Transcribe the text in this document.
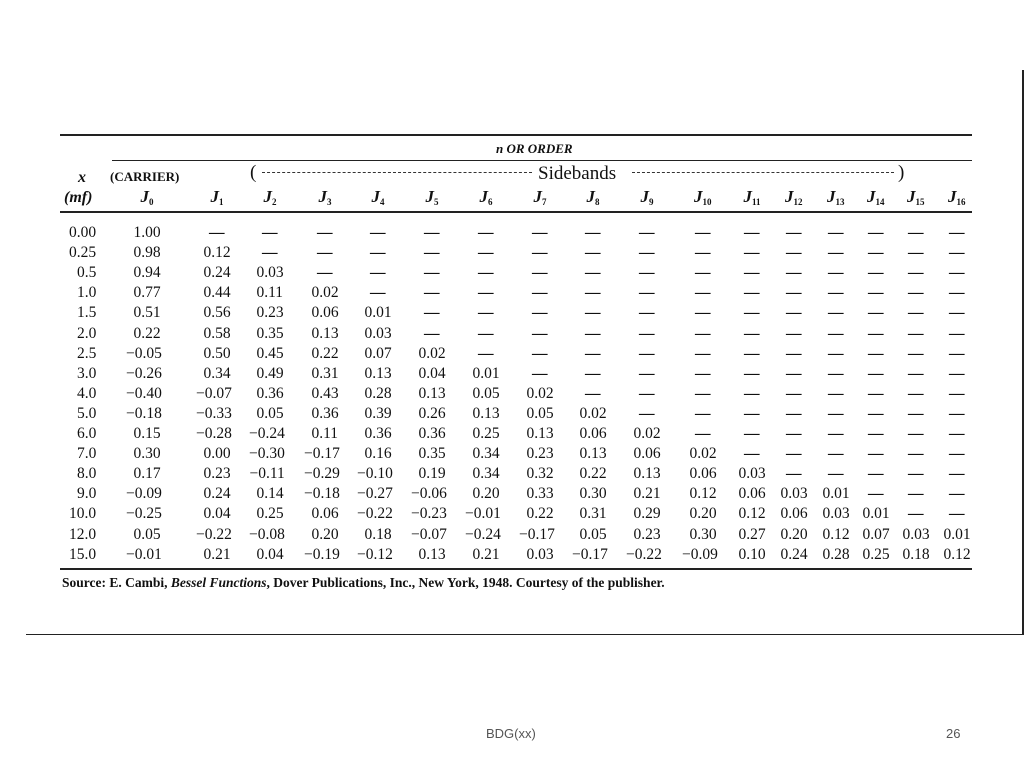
n OR ORDER
x
(mf)
(CARRIER)	(	Sidebands	)
$J_0$	$J_1$ $J_2$ $J_3$ $J_4$ $J_5$ $J_6$ $J_7$ $J_8$ $J_9$ $J_{10}$ $J_{11}$ $J_{12}$ $J_{13}$ $J_{14}$ $J_{15}$ $J_{16}$
0.00 1.00	— —	— — — — — — —	— — — — — — —
0.25 0.98	0.12 —	— — — — — — —	— — — — — — —
0.5 0.94	0.24 0.03 — — — — — — —	— — — — — — —
1.0 0.77	0.44 0.11 0.02 — — — — — —	— — — — — — —
1.5 0.51	0.56 0.23 0.06 0.01 — — — — —	— — — — — — —
2.0 0.22	0.58 0.35 0.13 0.03 — — — — —	— — — — — — —
2.5 −0.05	0.50 0.45 0.22 0.07 0.02 — — — —	— — — — — — —
3.0 −0.26	0.34 0.49 0.31 0.13 0.04 0.01 — — —	— — — — — — —
4.0 −0.40 −0.07 0.36 0.43 0.28 0.13 0.05 0.02 — —	— — — — — — —
5.0 −0.18 −0.33 0.05 0.36 0.39 0.26 0.13 0.05 0.02 —	— — — — — — —
6.0 0.15 −0.28 −0.24 0.11 0.36 0.36 0.25 0.13 0.06 0.02 — — — — — — —
7.0 0.30	0.00 −0.30 −0.17 0.16 0.35 0.34 0.23 0.13 0.06 0.02 — — — — — —
8.0 0.17	0.23 −0.11 −0.29 −0.10 0.19 0.34 0.32 0.22 0.13 0.06 0.03 — — — — —
9.0 −0.09	0.24 0.14 −0.18 −0.27 −0.06 0.20 0.33 0.30 0.21 0.12 0.06 0.03 0.01 — — —
10.0 −0.25	0.04 0.25 0.06 −0.22 −0.23 −0.01 0.22 0.31 0.29 0.20 0.12 0.06 0.03 0.01 — —
12.0 0.05 −0.22 −0.08 0.20 0.18 −0.07 −0.24 −0.17 0.05 0.23 0.30 0.27 0.20 0.12 0.07 0.03 0.01
15.0 −0.01	0.21 0.04 −0.19 −0.12 0.13 0.21 0.03 −0.17 −0.22 −0.09 0.10 0.24 0.28 0.25 0.18 0.12
Source: E. Cambi, Bessel Functions, Dover Publications, Inc., New York, 1948. Courtesy of the publisher.
BDG(xx)	26
